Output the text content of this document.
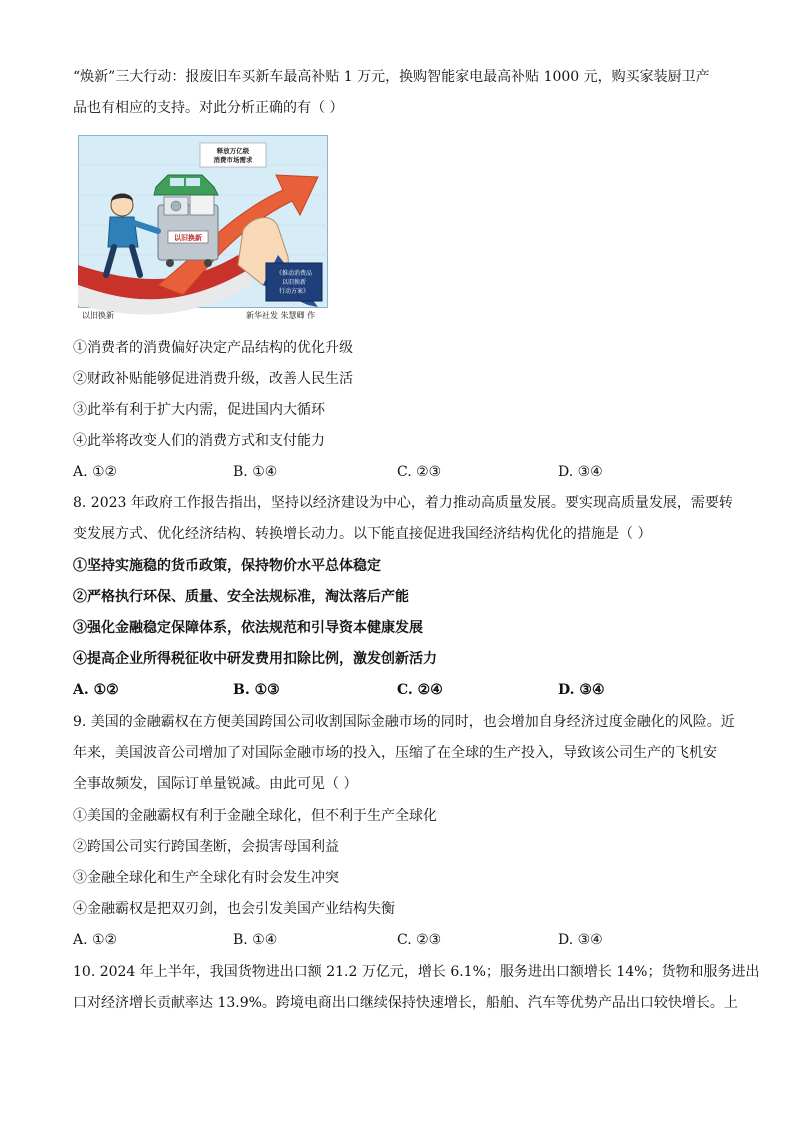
“焕新”三大行动：报废旧车买新车最高补贴 1 万元，换购智能家电最高补贴 1000 元，购买家装厨卫产
品也有相应的支持。对此分析正确的有（ ）
释放万亿级
消费市场需求
以旧换新
《推动消费品
以旧换新
行动方案》
以旧换新	新华社发 朱慧卿 作
①消费者的消费偏好决定产品结构的优化升级
②财政补贴能够促进消费升级，改善人民生活
③此举有利于扩大内需，促进国内大循环
④此举将改变人们的消费方式和支付能力
A. ①②	B. ①④	C. ②③	D. ③④
8. 2023 年政府工作报告指出，坚持以经济建设为中心，着力推动高质量发展。要实现高质量发展，需要转
变发展方式、优化经济结构、转换增长动力。以下能直接促进我国经济结构优化的措施是（ ）
①坚持实施稳的货币政策，保持物价水平总体稳定
②严格执行环保、质量、安全法规标准，淘汰落后产能
③强化金融稳定保障体系，依法规范和引导资本健康发展
④提高企业所得税征收中研发费用扣除比例，激发创新活力
A. ①②	B. ①③	C. ②④	D. ③④
9. 美国的金融霸权在方便美国跨国公司收割国际金融市场的同时，也会增加自身经济过度金融化的风险。近
年来，美国波音公司增加了对国际金融市场的投入，压缩了在全球的生产投入，导致该公司生产的飞机安
全事故频发，国际订单量锐减。由此可见（ ）
①美国的金融霸权有利于金融全球化，但不利于生产全球化
②跨国公司实行跨国垄断，会损害母国利益
③金融全球化和生产全球化有时会发生冲突
④金融霸权是把双刃剑，也会引发美国产业结构失衡
A. ①②	B. ①④	C. ②③	D. ③④
10. 2024 年上半年，我国货物进出口额 21.2 万亿元，增长 6.1%；服务进出口额增长 14%；货物和服务进出
口对经济增长贡献率达 13.9%。跨境电商出口继续保持快速增长，船舶、汽车等优势产品出口较快增长。上
